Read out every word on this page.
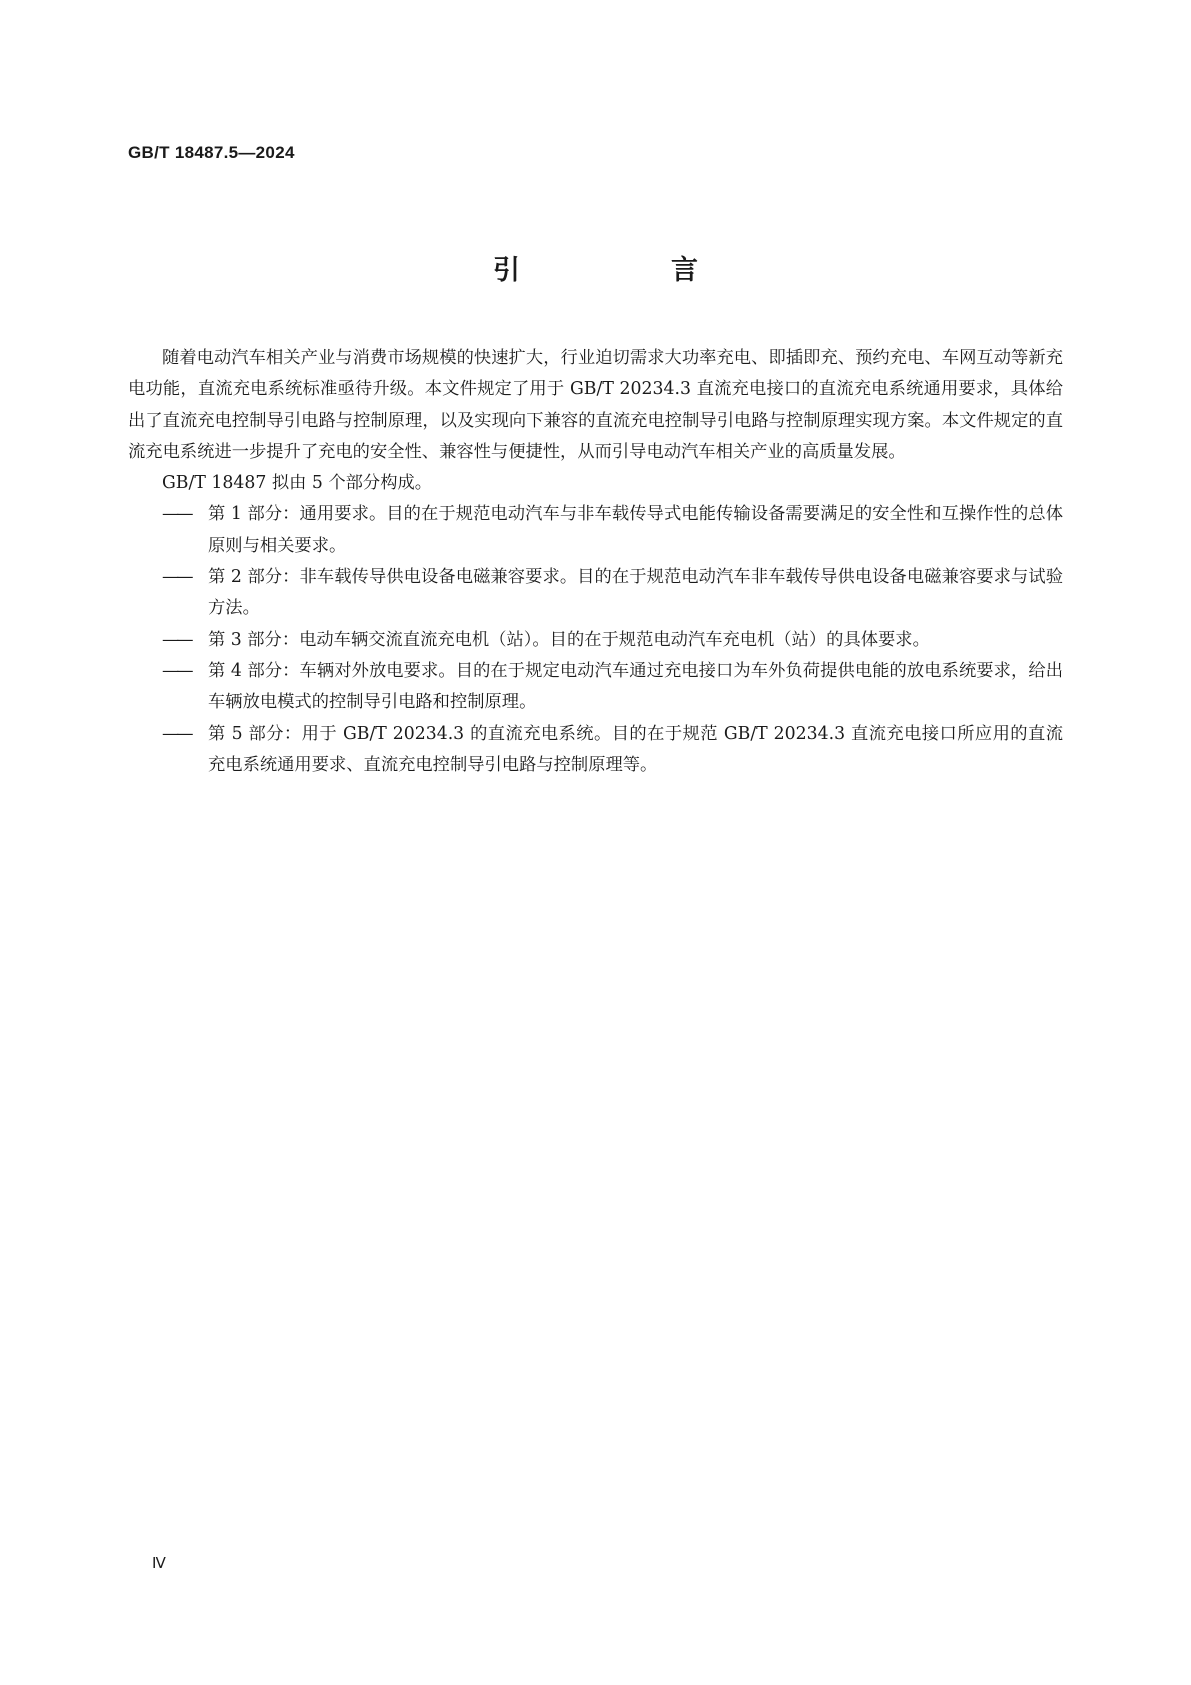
GB/T 18487.5—2024
引　言

随着电动汽车相关产业与消费市场规模的快速扩大，行业迫切需求大功率充电、即插即充、预约充电、车网互动等新充电功能，直流充电系统标准亟待升级。本文件规定了用于 GB/T 20234.3 直流充电接口的直流充电系统通用要求，具体给出了直流充电控制导引电路与控制原理，以及实现向下兼容的直流充电控制导引电路与控制原理实现方案。本文件规定的直流充电系统进一步提升了充电的安全性、兼容性与便捷性，从而引导电动汽车相关产业的高质量发展。

GB/T 18487 拟由 5 个部分构成。

——	第 1 部分：通用要求。目的在于规范电动汽车与非车载传导式电能传输设备需要满足的安全性和互操作性的总体原则与相关要求。
——	第 2 部分：非车载传导供电设备电磁兼容要求。目的在于规范电动汽车非车载传导供电设备电磁兼容要求与试验方法。
——	第 3 部分：电动车辆交流直流充电机（站）。目的在于规范电动汽车充电机（站）的具体要求。
——	第 4 部分：车辆对外放电要求。目的在于规定电动汽车通过充电接口为车外负荷提供电能的放电系统要求，给出车辆放电模式的控制导引电路和控制原理。
——	第 5 部分：用于 GB/T 20234.3 的直流充电系统。目的在于规范 GB/T 20234.3 直流充电接口所应用的直流充电系统通用要求、直流充电控制导引电路与控制原理等。
Ⅳ
